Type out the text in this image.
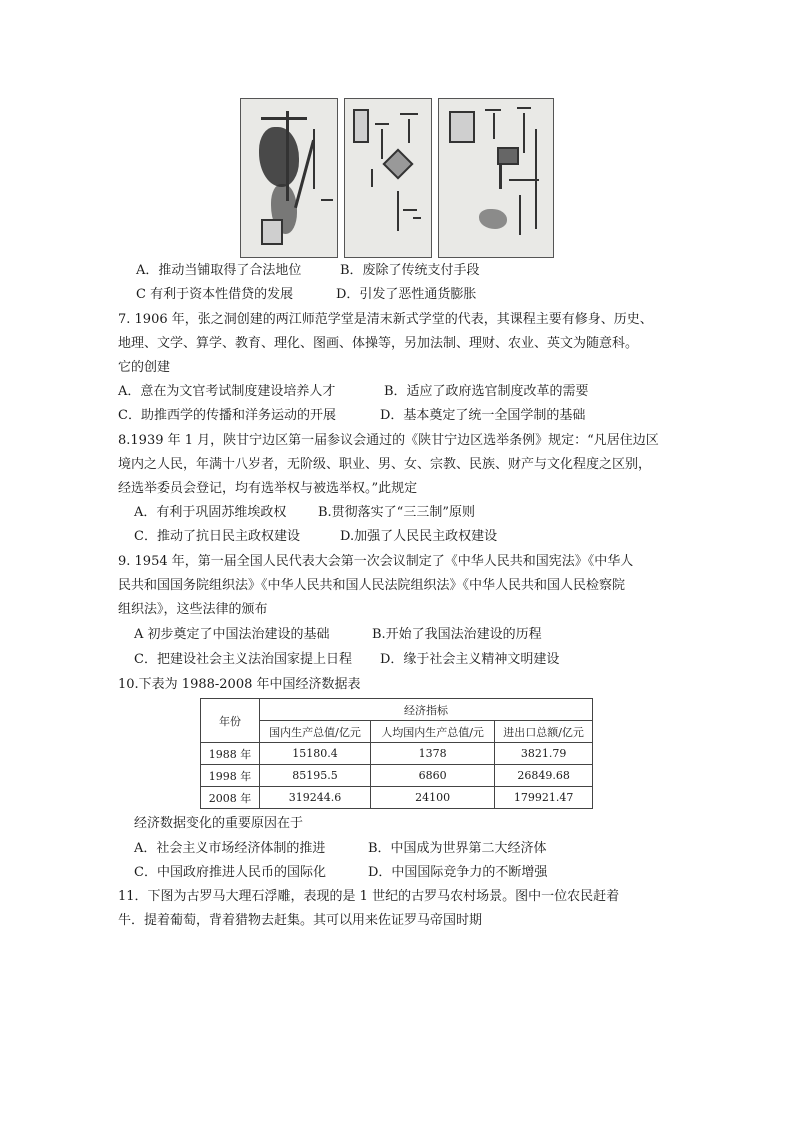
A．推动当铺取得了合法地位	B．废除了传统支付手段
C 有利于资本性借贷的发展	D．引发了恶性通货膨胀
7. 1906 年，张之洞创建的两江师范学堂是清末新式学堂的代表，其课程主要有修身、历史、
地理、文学、算学、教育、理化、图画、体操等，另加法制、理财、农业、英文为随意科。
它的创建
A．意在为文官考试制度建设培养人才	B．适应了政府选官制度改革的需要
C．助推西学的传播和洋务运动的开展	D．基本奠定了统一全国学制的基础
8.1939 年 1 月，陕甘宁边区第一届参议会通过的《陕甘宁边区选举条例》规定：“凡居住边区
境内之人民，年满十八岁者，无阶级、职业、男、女、宗教、民族、财产与文化程度之区别，
经选举委员会登记，均有选举权与被选举权。”此规定
A．有利于巩固苏维埃政权 B.贯彻落实了“三三制”原则
C．推动了抗日民主政权建设	D.加强了人民民主政权建设
9. 1954 年，第一届全国人民代表大会第一次会议制定了《中华人民共和国宪法》《中华人
民共和国国务院组织法》《中华人民共和国人民法院组织法》《中华人民共和国人民检察院
组织法》，这些法律的颁布
A 初步奠定了中国法治建设的基础	B.开始了我国法治建设的历程
C．把建设社会主义法治国家提上日程 D．缘于社会主义精神文明建设
10.下表为 1988-2008 年中国经济数据表
年份	经济指标		
	国内生产总值/亿元	人均国内生产总值/元	进出口总额/亿元
1988 年	15180.4	1378	3821.79
1998 年	85195.5	6860	26849.68
2008 年	319244.6	24100	179921.47
经济数据变化的重要原因在于
A．社会主义市场经济体制的推进	B．中国成为世界第二大经济体
C．中国政府推进人民币的国际化	D．中国国际竞争力的不断增强
11．下图为古罗马大理石浮雕，表现的是 1 世纪的古罗马农村场景。图中一位农民赶着
牛．提着葡萄，背着猎物去赶集。其可以用来佐证罗马帝国时期
